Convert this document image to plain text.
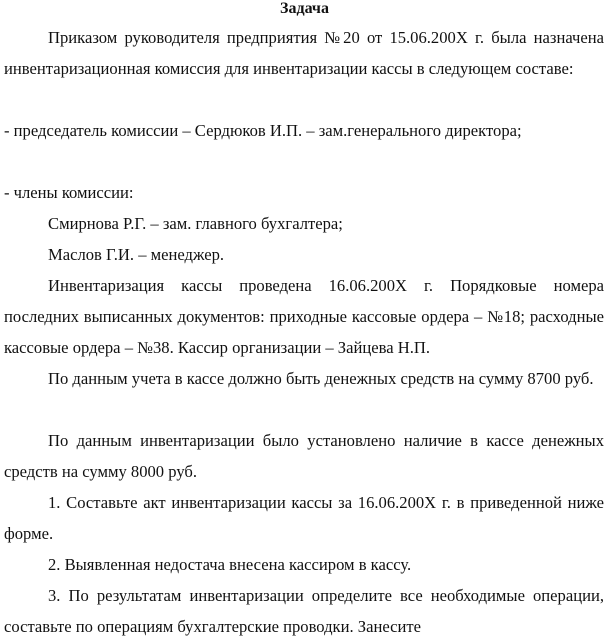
Задача

Приказом руководителя предприятия №20 от 15.06.200Х г. была назначена инвентаризационная комиссия для инвентаризации кассы в следующем составе:

- председатель комиссии – Сердюков И.П. – зам.генерального директора;

- члены комиссии:

Смирнова Р.Г. – зам. главного бухгалтера;

Маслов Г.И. – менеджер.

Инвентаризация кассы проведена 16.06.200Х г. Порядковые номера последних выписанных документов: приходные кассовые ордера – №18; расходные кассовые ордера – №38. Кассир организации – Зайцева Н.П.

По данным учета в кассе должно быть денежных средств на сумму 8700 руб.

По данным инвентаризации было установлено наличие в кассе денежных средств на сумму 8000 руб.

1. Составьте акт инвентаризации кассы за 16.06.200Х г. в приведенной ниже форме.

2. Выявленная недостача внесена кассиром в кассу.

3. По результатам инвентаризации определите все необходимые операции, составьте по операциям бухгалтерские проводки. Занесите
